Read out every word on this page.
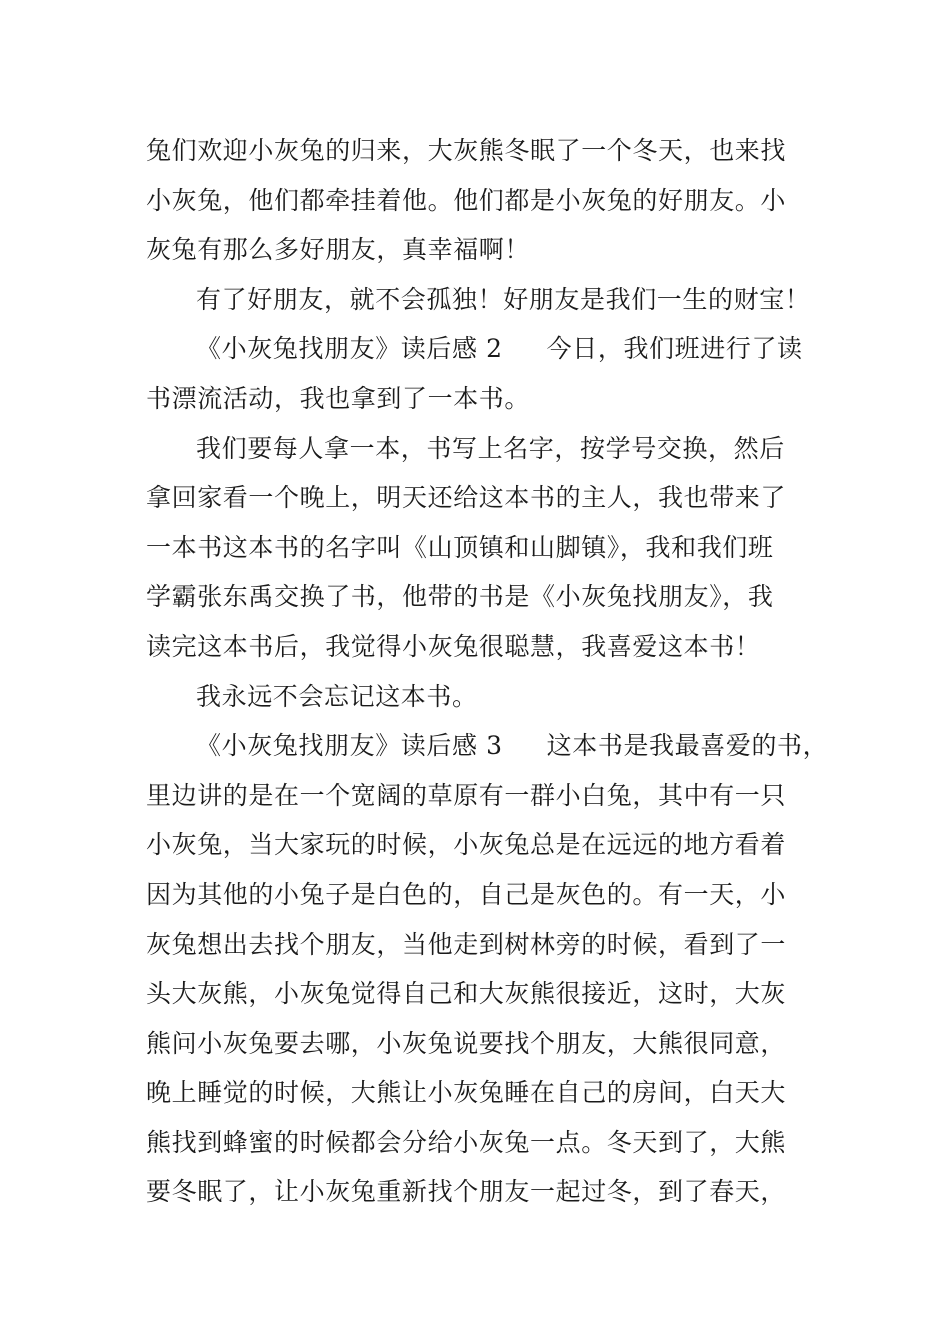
兔们欢迎小灰兔的归来，大灰熊冬眠了一个冬天，也来找
小灰兔，他们都牵挂着他。他们都是小灰兔的好朋友。小
灰兔有那么多好朋友，真幸福啊！
有了好朋友，就不会孤独！好朋友是我们一生的财宝！
《小灰兔找朋友》读后感 2 今日，我们班进行了读
书漂流活动，我也拿到了一本书。
我们要每人拿一本，书写上名字，按学号交换，然后
拿回家看一个晚上，明天还给这本书的主人，我也带来了
一本书这本书的名字叫《山顶镇和山脚镇》，我和我们班
学霸张东禹交换了书，他带的书是《小灰兔找朋友》，我
读完这本书后，我觉得小灰兔很聪慧，我喜爱这本书！
我永远不会忘记这本书。
《小灰兔找朋友》读后感 3 这本书是我最喜爱的书，
里边讲的是在一个宽阔的草原有一群小白兔，其中有一只
小灰兔，当大家玩的时候，小灰兔总是在远远的地方看着
因为其他的小兔子是白色的，自己是灰色的。有一天，小
灰兔想出去找个朋友，当他走到树林旁的时候，看到了一
头大灰熊，小灰兔觉得自己和大灰熊很接近，这时，大灰
熊问小灰兔要去哪，小灰兔说要找个朋友，大熊很同意，
晚上睡觉的时候，大熊让小灰兔睡在自己的房间，白天大
熊找到蜂蜜的时候都会分给小灰兔一点。冬天到了，大熊
要冬眠了，让小灰兔重新找个朋友一起过冬，到了春天，
